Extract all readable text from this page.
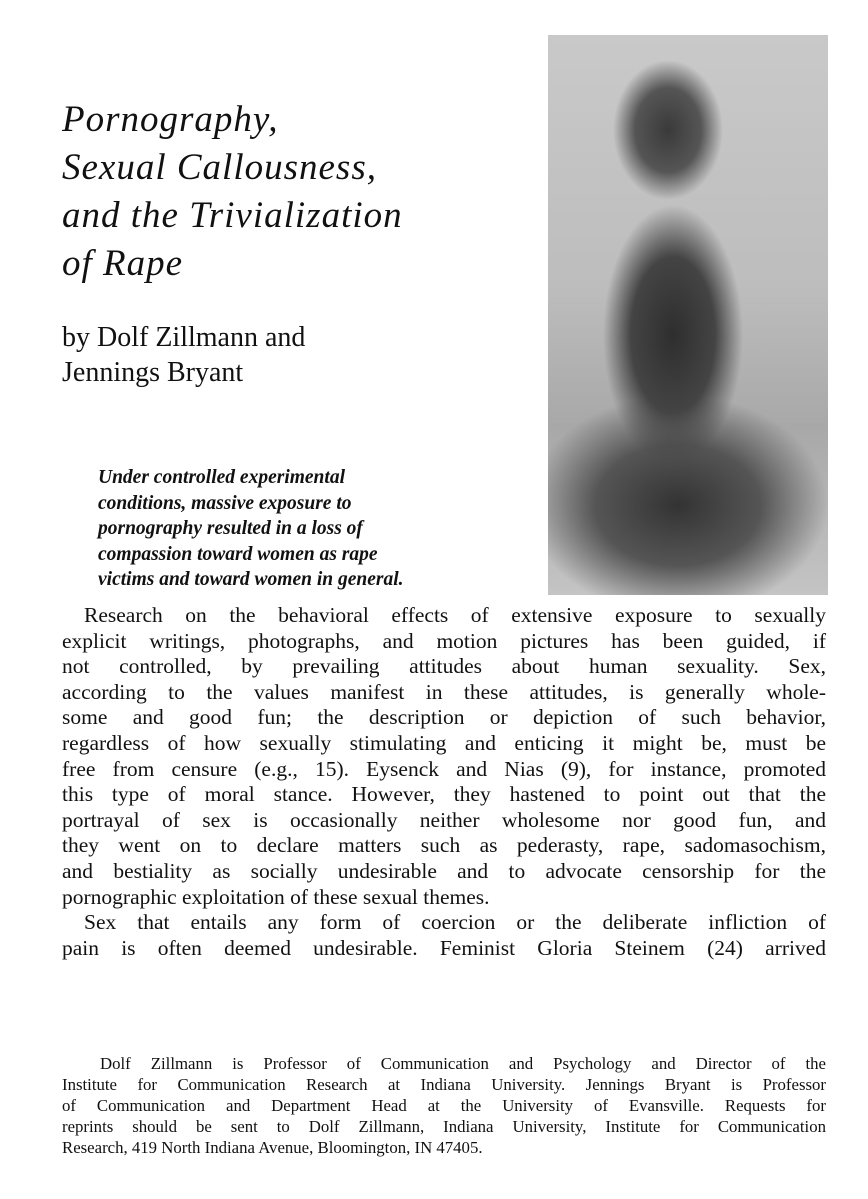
Pornography,
Sexual Callousness,
and the Trivialization
of Rape
by Dolf Zillmann and
Jennings Bryant
Under controlled experimental
conditions, massive exposure to
pornography resulted in a loss of
compassion toward women as rape
victims and toward women in general.
Research on the behavioral effects of extensive exposure to sexually
explicit writings, photographs, and motion pictures has been guided, if
not controlled, by prevailing attitudes about human sexuality. Sex,
according to the values manifest in these attitudes, is generally whole-
some and good fun; the description or depiction of such behavior,
regardless of how sexually stimulating and enticing it might be, must be
free from censure (e.g., 15). Eysenck and Nias (9), for instance, promoted
this type of moral stance. However, they hastened to point out that the
portrayal of sex is occasionally neither wholesome nor good fun, and
they went on to declare matters such as pederasty, rape, sadomasochism,
and bestiality as socially undesirable and to advocate censorship for the
pornographic exploitation of these sexual themes.
Sex that entails any form of coercion or the deliberate infliction of
pain is often deemed undesirable. Feminist Gloria Steinem (24) arrived
Dolf Zillmann is Professor of Communication and Psychology and Director of the
Institute for Communication Research at Indiana University. Jennings Bryant is Professor
of Communication and Department Head at the University of Evansville. Requests for
reprints should be sent to Dolf Zillmann, Indiana University, Institute for Communication
Research, 419 North Indiana Avenue, Bloomington, IN 47405.
